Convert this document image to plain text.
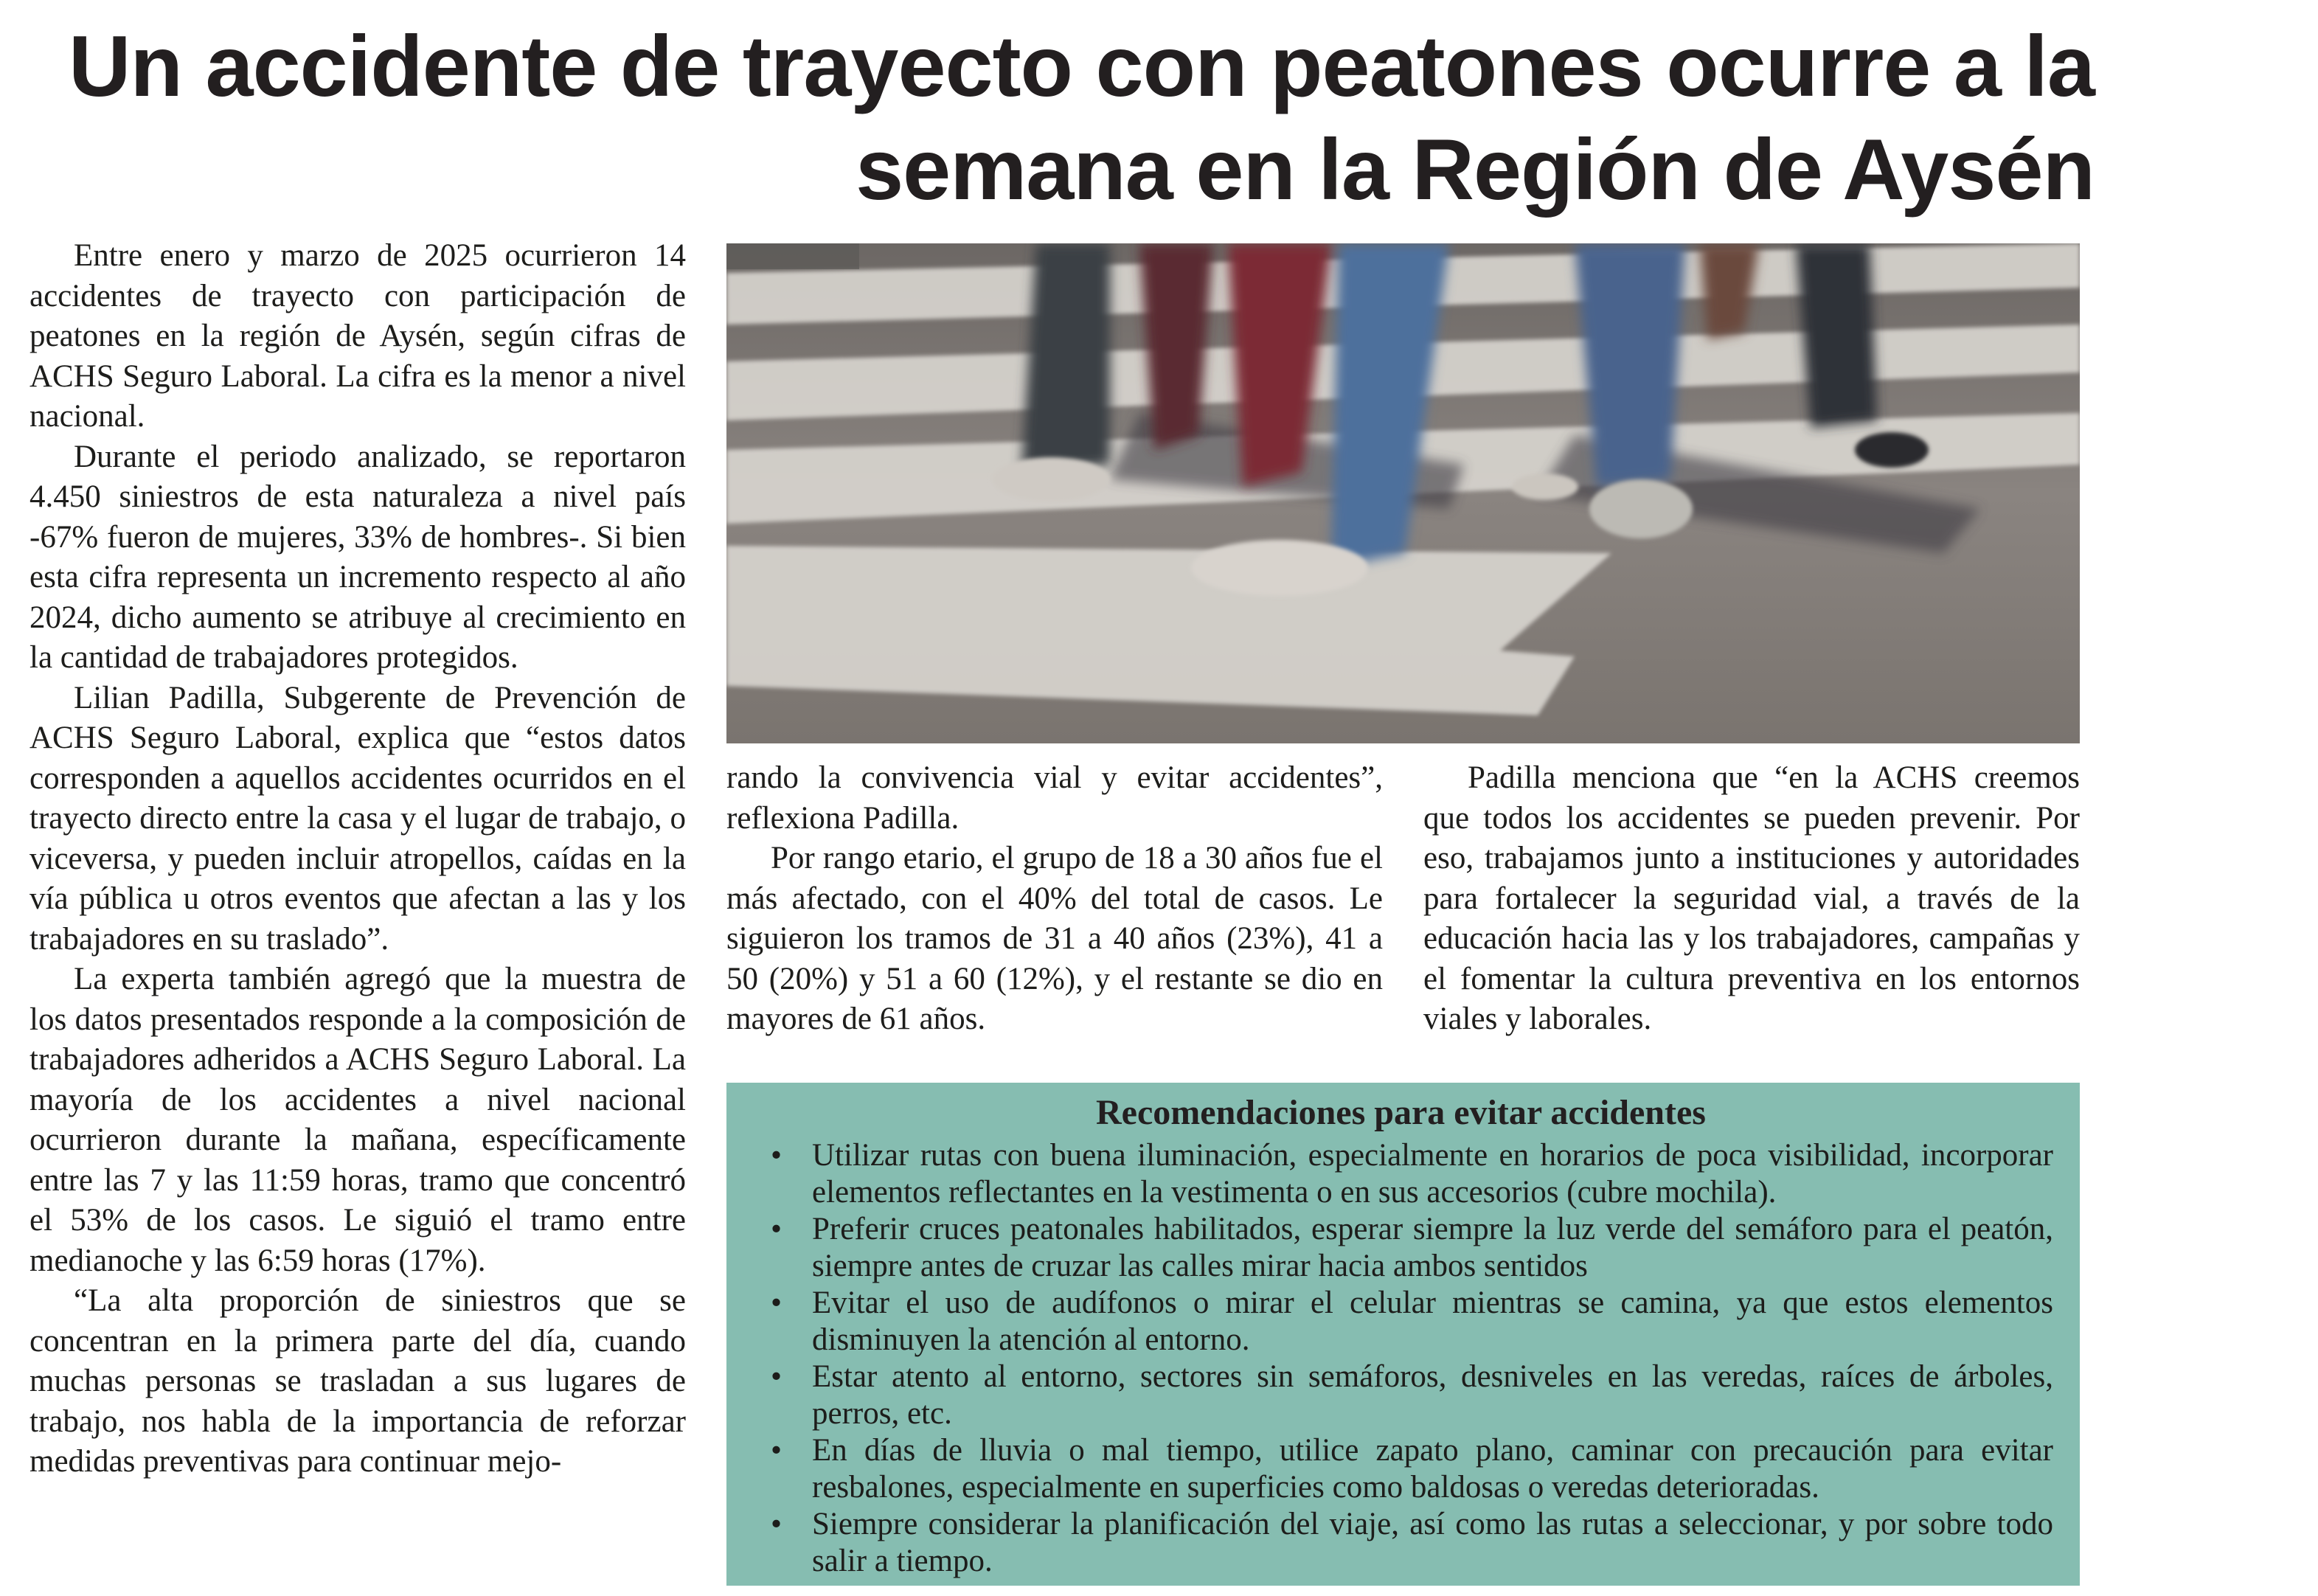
Un accidente de trayecto con peatones ocurre a la
semana en la Región de Aysén

Entre enero y marzo de 2025 ocurrieron 14 accidentes de trayecto con participación de peatones en la región de Aysén, según cifras de ACHS Seguro Laboral. La cifra es la menor a nivel nacional.

Durante el periodo analizado, se reportaron 4.450 siniestros de esta naturaleza a nivel país -67% fueron de mujeres, 33% de hombres-. Si bien esta cifra representa un incremento respecto al año 2024, dicho aumento se atribuye al crecimiento en la cantidad de trabajadores protegidos.

Lilian Padilla, Subgerente de Prevención de ACHS Seguro Laboral, explica que “estos datos corresponden a aquellos accidentes ocurridos en el trayecto directo entre la casa y el lugar de trabajo, o viceversa, y pueden incluir atropellos, caídas en la vía pública u otros eventos que afectan a las y los trabajadores en su traslado”.

La experta también agregó que la muestra de los datos presentados responde a la composición de trabajadores adheridos a ACHS Seguro Laboral. La mayoría de los accidentes a nivel nacional ocurrieron durante la mañana, específicamente entre las 7 y las 11:59 horas, tramo que concentró el 53% de los casos. Le siguió el tramo entre medianoche y las 6:59 horas (17%).

“La alta proporción de siniestros que se concentran en la primera parte del día, cuando muchas personas se trasladan a sus lugares de trabajo, nos habla de la importancia de reforzar medidas preventivas para continuar mejo-

rando la convivencia vial y evitar accidentes”, reflexiona Padilla.

Por rango etario, el grupo de 18 a 30 años fue el más afectado, con el 40% del total de casos. Le siguieron los tramos de 31 a 40 años (23%), 41 a 50 (20%) y 51 a 60 (12%), y el restante se dio en mayores de 61 años.

Padilla menciona que “en la ACHS creemos que todos los accidentes se pueden prevenir. Por eso, trabajamos junto a instituciones y autoridades para fortalecer la seguridad vial, a través de la educación hacia las y los trabajadores, campañas y el fomentar la cultura preventiva en los entornos viales y laborales.

Recomendaciones para evitar accidentes
• Utilizar rutas con buena iluminación, especialmente en horarios de poca visibilidad, incorporar elementos reflectantes en la vestimenta o en sus accesorios (cubre mochila).
• Preferir cruces peatonales habilitados, esperar siempre la luz verde del semáforo para el peatón, siempre antes de cruzar las calles mirar hacia ambos sentidos
• Evitar el uso de audífonos o mirar el celular mientras se camina, ya que estos elementos disminuyen la atención al entorno.
• Estar atento al entorno, sectores sin semáforos, desniveles en las veredas, raíces de árboles, perros, etc.
• En días de lluvia o mal tiempo, utilice zapato plano, caminar con precaución para evitar resbalones, especialmente en superficies como baldosas o veredas deterioradas.
• Siempre considerar la planificación del viaje, así como las rutas a seleccionar, y por sobre todo salir a tiempo.
